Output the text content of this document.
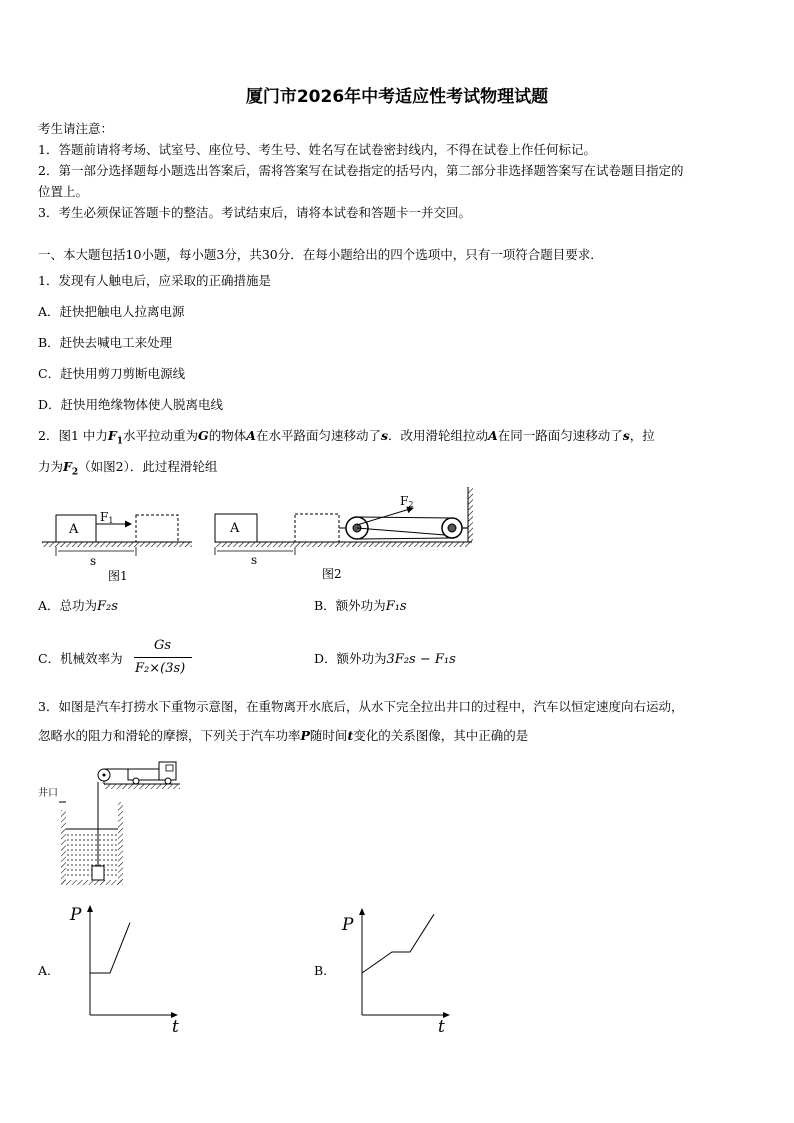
厦门市2026年中考适应性考试物理试题
考生请注意：
1．答题前请将考场、试室号、座位号、考生号、姓名写在试卷密封线内，不得在试卷上作任何标记。
2．第一部分选择题每小题选出答案后，需将答案写在试卷指定的括号内，第二部分非选择题答案写在试卷题目指定的
位置上。
3．考生必须保证答题卡的整洁。考试结束后，请将本试卷和答题卡一并交回。
一、本大题包括10小题，每小题3分，共30分．在每小题给出的四个选项中，只有一项符合题目要求．
1．发现有人触电后，应采取的正确措施是
A．赶快把触电人拉离电源
B．赶快去喊电工来处理
C．赶快用剪刀剪断电源线
D．赶快用绝缘物体使人脱离电线
2．图1 中力$F_1$水平拉动重为G的物体A在水平路面匀速移动了s．改用滑轮组拉动A在同一路面匀速移动了s，拉
力为$F_2$（如图2）．此过程滑轮组
A
F1
s
图1
A
F2
s
图2
A．总功为F₂s	B．额外功为F₁s
C．机械效率为
Gs
F₂×(3s)
D．额外功为3F₂s − F₁s
3．如图是汽车打捞水下重物示意图，在重物离开水底后，从水下完全拉出井口的过程中，汽车以恒定速度向右运动，
忽略水的阻力和滑轮的摩擦，下列关于汽车功率P随时间t变化的关系图像，其中正确的是
井口
A.
P
t
B.
P
t
